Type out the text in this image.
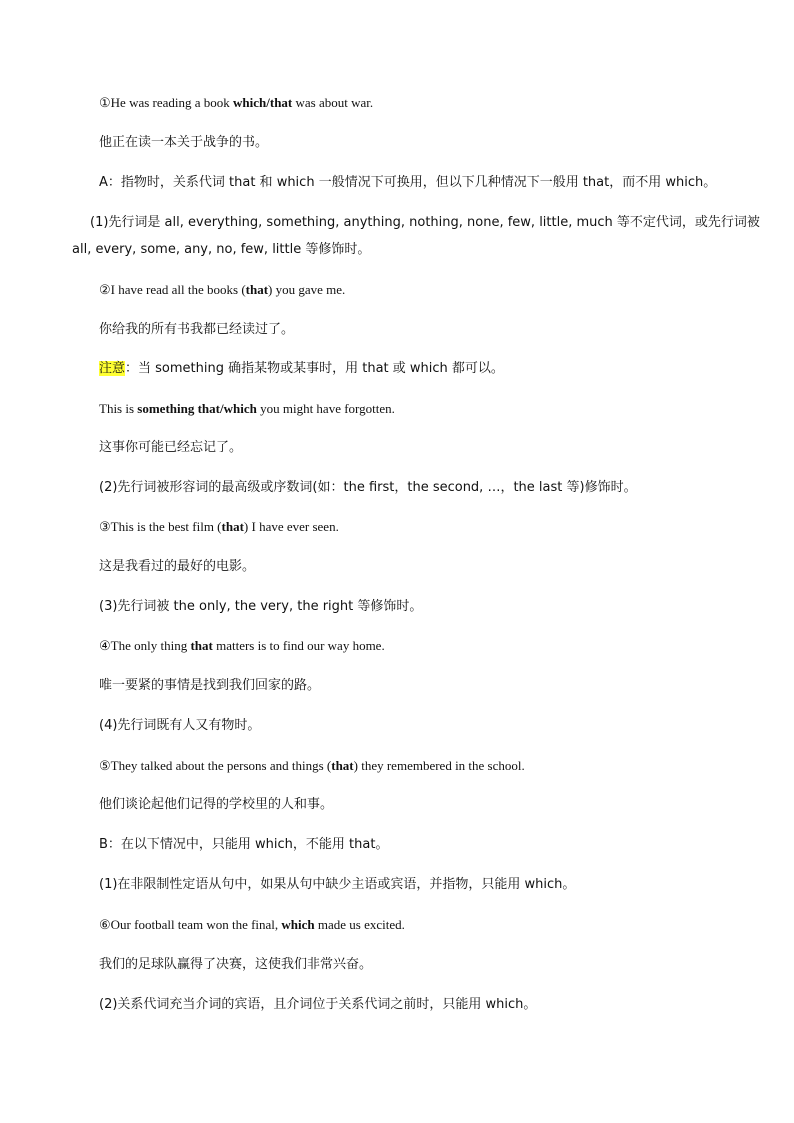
①He was reading a book which/that was about war.
他正在读一本关于战争的书。
A：指物时，关系代词 that 和 which 一般情况下可换用，但以下几种情况下一般用 that，而不用 which。
(1)先行词是 all, everything, something, anything, nothing, none, few, little, much 等不定代词，或先行词被
all, every, some, any, no, few, little 等修饰时。
②I have read all the books (that) you gave me.
你给我的所有书我都已经读过了。
注意：当 something 确指某物或某事时，用 that 或 which 都可以。
This is something that/which you might have forgotten.
这事你可能已经忘记了。
(2)先行词被形容词的最高级或序数词(如：the first，the second, …，the last 等)修饰时。
③This is the best film (that) I have ever seen.
这是我看过的最好的电影。
(3)先行词被 the only, the very, the right 等修饰时。
④The only thing that matters is to find our way home.
唯一要紧的事情是找到我们回家的路。
(4)先行词既有人又有物时。
⑤They talked about the persons and things (that) they remembered in the school.
他们谈论起他们记得的学校里的人和事。
B：在以下情况中，只能用 which，不能用 that。
(1)在非限制性定语从句中，如果从句中缺少主语或宾语，并指物，只能用 which。
⑥Our football team won the final, which made us excited.
我们的足球队赢得了决赛，这使我们非常兴奋。
(2)关系代词充当介词的宾语，且介词位于关系代词之前时，只能用 which。
